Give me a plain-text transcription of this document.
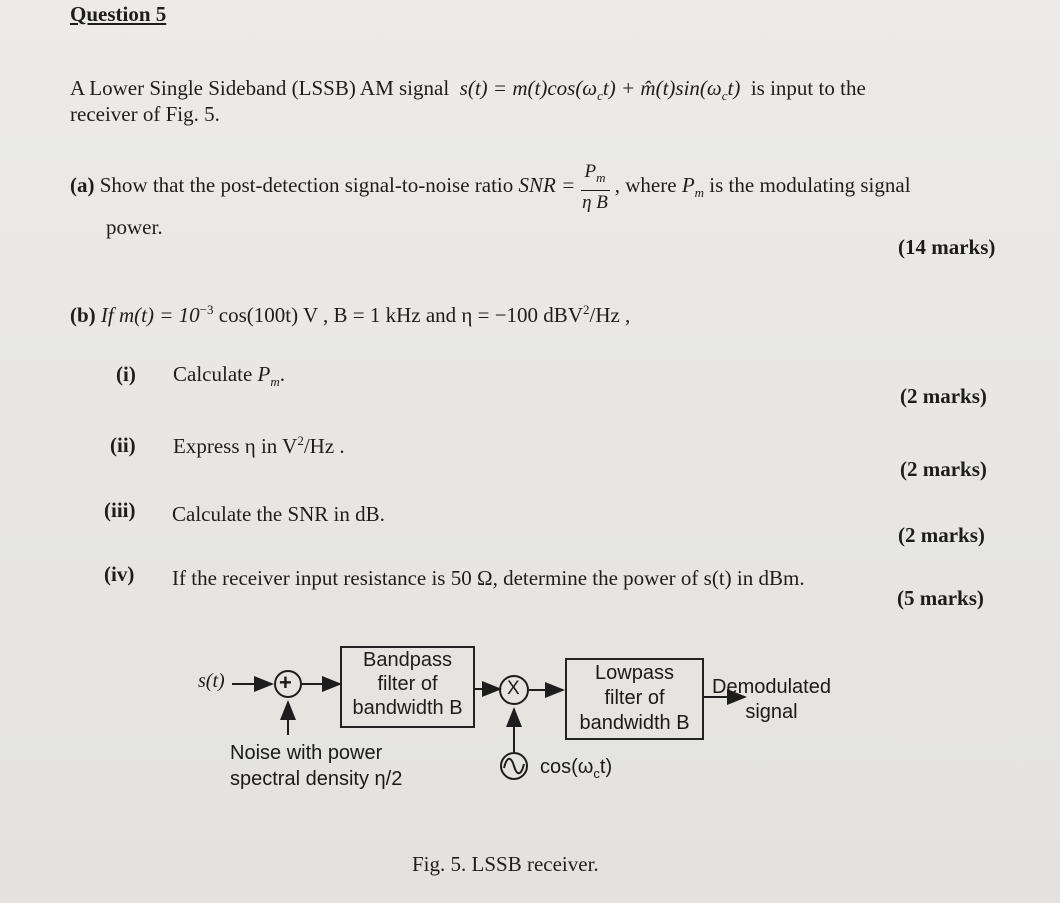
Question 5
A Lower Single Sideband (LSSB) AM signal $s(t) = m(t)\cos(\omega_ct)$ + $m̂(t)\sin(\omega_ct)$  is input to the
receiver of Fig. 5.
(a) Show that the post-detection signal-to-noise ratio SNR = $\frac{P_m}{\text{η B}}$ , where $P_m$ is the modulating signal
power.
(14 marks)
(b) If $m(t) = 10^{-3}$ cos(100t) V , B = 1 kHz and η = −100 dBV$^2$/Hz ,
(i) Calculate $P_m$.
(2 marks)
(ii) Express η in $V^2/Hz$ .
(2 marks)
(iii) Calculate the SNR in dB.
(2 marks)
(iv) If the receiver input resistance is 50 Ω, determine the power of s(t) in dBm.
(5 marks)
s(t) +
Bandpass
filter of
bandwidth B
X
Lowpass
filter of
bandwidth B
Demodulated
signal
Noise with power
spectral density η/2
$\cos(\omega_ct)$
Fig. 5. LSSB receiver.
